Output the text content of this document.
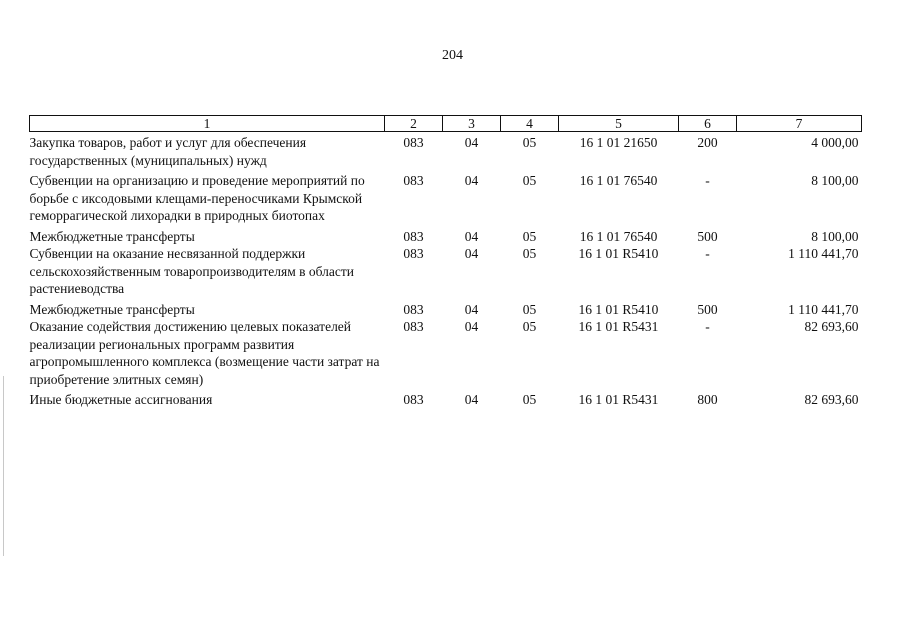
204
1	2	3	4	5	6	7
Закупка товаров, работ и услуг для обеспечения государственных (муниципальных) нужд	083	04	05	16 1 01 21650	200	4 000,00
Субвенции на организацию и проведение мероприятий по борьбе с иксодовыми клещами-переносчиками Крымской геморрагической лихорадки в природных биотопах	083	04	05	16 1 01 76540	-	8 100,00
Межбюджетные трансферты	083	04	05	16 1 01 76540	500	8 100,00
Субвенции на оказание несвязанной поддержки сельскохозяйственным товаропроизводителям в области растениеводства	083	04	05	16 1 01 R5410	-	1 110 441,70
Межбюджетные трансферты	083	04	05	16 1 01 R5410	500	1 110 441,70
Оказание содействия достижению целевых показателей реализации региональных программ развития агропромышленного комплекса (возмещение части затрат на приобретение элитных семян)	083	04	05	16 1 01 R5431	-	82 693,60
Иные бюджетные ассигнования	083	04	05	16 1 01 R5431	800	82 693,60
